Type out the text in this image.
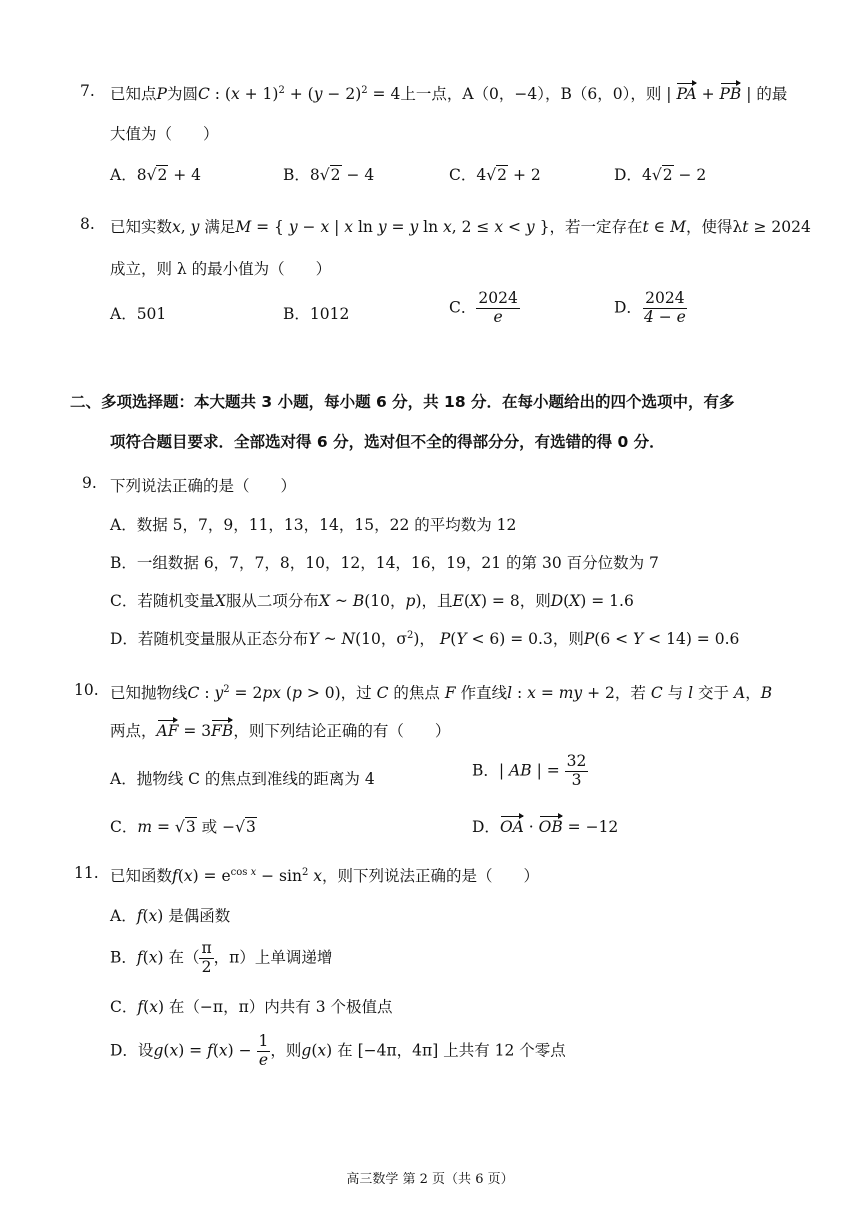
7. 已知点P为圆C : $(x + 1)^2 + (y - 2)^2 = 4$上一点，A（0，−4），B（6，0），则 | PA + PB | 的最
大值为（　　）
A．8√2 + 4	B．8√2 − 4	C．4√2 + 2	D．4√2 − 2
8. 已知实数x, y 满足M = { y − x | x ln y = y ln x, 2 ≤ x < y }，若一定存在t ∈ M，使得λt ≥ 2024
成立，则 λ 的最小值为（　　）
A．501	B．1012	C． $\frac{2024}{e}$	D． $\frac{2024}{4 - e}$
二、多项选择题：本大题共 3 小题，每小题 6 分，共 18 分．在每小题给出的四个选项中，有多
项符合题目要求．全部选对得 6 分，选对但不全的得部分分，有选错的得 0 分．
9. 下列说法正确的是（　　）
A．数据 5，7，9，11，13，14，15，22 的平均数为 12
B．一组数据 6，7，7，8，10，12，14，16，19，21 的第 30 百分位数为 7
C．若随机变量X服从二项分布X ~ B(10，p)，且E(X) = 8，则D(X) = 1.6
D．若随机变量服从正态分布Y ~ N(10，$\sigma^2$)， P(Y < 6) = 0.3，则P(6 < Y < 14) = 0.6
10. 已知抛物线C : $y^2 = 2px$ (p > 0)，过 C 的焦点 F 作直线l : x = my + 2，若 C 与 l 交于 A，B
两点，AF = 3FB，则下列结论正确的有（　　）
A．抛物线 C 的焦点到准线的距离为 4	B．| AB | = $\frac{32}{3}$
C．m = √3 或 −√3	D．OA · OB = −12
11. 已知函数$f(x) = e^{cos x} - \sin^2 x$，则下列说法正确的是（　　）
A．f(x) 是偶函数
B．f(x) 在（ $\frac{\pi}{2}$ ，π）上单调递增
C．f(x) 在（−π，π）内共有 3 个极值点
D．设$g(x) = f(x) - \frac{1}{e}$ ，则g(x) 在 [−4π，4π] 上共有 12 个零点
高三数学 第 2 页（共 6 页）
